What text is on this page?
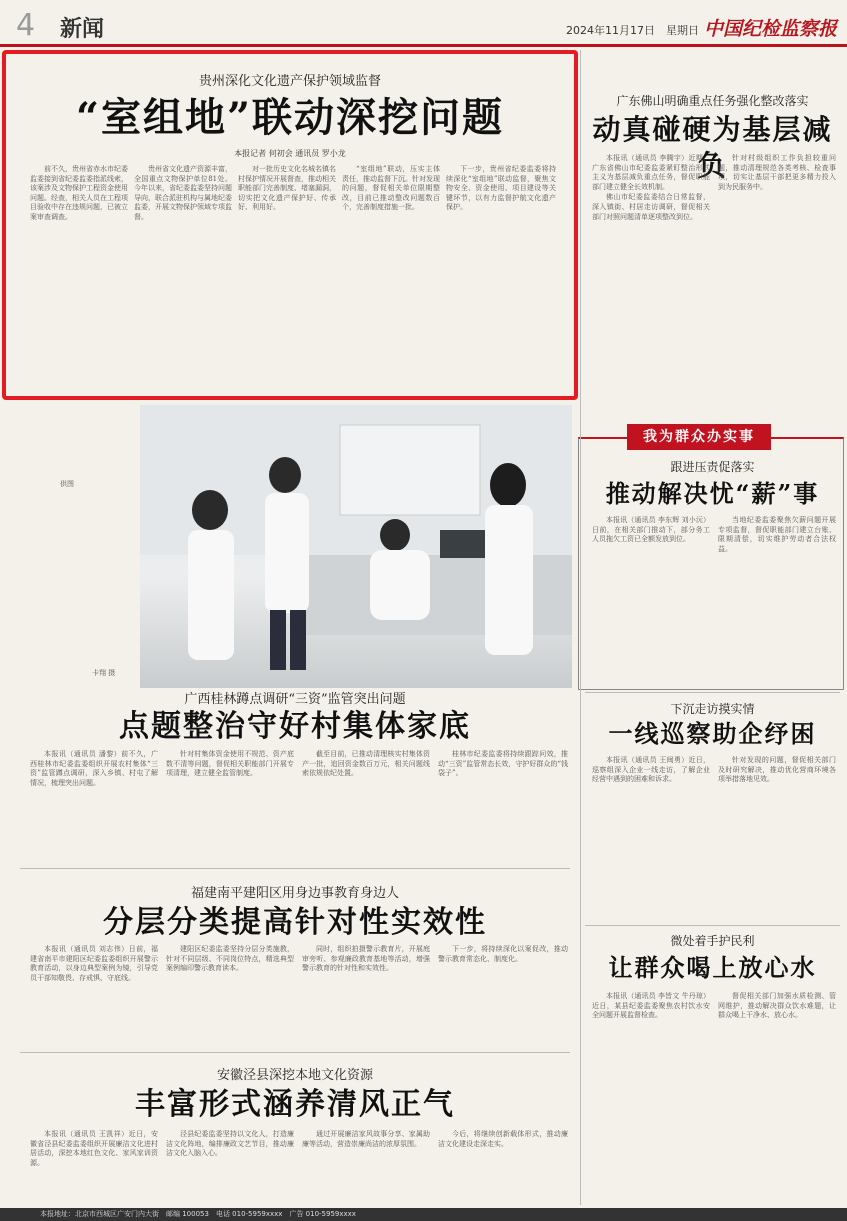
4 新闻	2024年11月17日　星期日 中国纪检监察报
贵州深化文化遗产保护领域监督
“室组地”联动深挖问题
本报记者 何初会 通讯员 罗小龙

前不久，贵州省赤水市纪委监委接到省纪委监委指派线索，该案涉及文物保护工程资金使用问题。经查，相关人员在工程项目验收中存在违规问题，已被立案审查调查。

贵州省文化遗产资源丰富，全国重点文物保护单位81处。今年以来，省纪委监委坚持问题导向，联合派驻机构与属地纪委监委，开展文物保护领域专项监督。

对一批历史文化名城名镇名村保护情况开展督查，推动相关职能部门完善制度、堵塞漏洞，切实把文化遗产保护好、传承好、利用好。

“室组地”联动，压实主体责任，推动监督下沉。针对发现的问题，督促相关单位限期整改，目前已推动整改问题数百个，完善制度措施一批。

下一步，贵州省纪委监委将持续深化“室组地”联动监督，聚焦文物安全、资金使用、项目建设等关键环节，以有力监督护航文化遗产保护。

广东佛山明确重点任务强化整改落实
动真碰硬为基层减负

本报讯（通讯员 李腾宇）近期，广东省佛山市纪委监委紧盯整治形式主义为基层减负重点任务，督促职能部门建立健全长效机制。

佛山市纪委监委结合日常监督，深入镇街、村居走访调研，督促相关部门对照问题清单逐项整改到位。

针对村级组织工作负担较重问题，推动清理规范各类考核、检查事项，切实让基层干部把更多精力投入到为民服务中。

供图
卡翔 摄
我为群众办实事
跟进压责促落实
推动解决忧“薪”事

本报讯（通讯员 李东辉 刘小沅）日前，在相关部门推动下，部分务工人员拖欠工资已全额发放到位。

当地纪委监委聚焦欠薪问题开展专项监督，督促职能部门建立台账、限期清偿，切实维护劳动者合法权益。

下沉走访摸实情
一线巡察助企纾困

本报讯（通讯员 王闽勇）近日，巡察组深入企业一线走访，了解企业经营中遇到的困难和诉求。

针对发现的问题，督促相关部门及时研究解决，推动优化营商环境各项举措落地见效。

微处着手护民利
让群众喝上放心水

本报讯（通讯员 李皆文 牛丹琼）近日，某县纪委监委聚焦农村饮水安全问题开展监督检查。

督促相关部门加强水质检测、管网维护，推动解决群众饮水难题，让群众喝上干净水、放心水。

广西桂林蹲点调研“三资”监管突出问题
点题整治守好村集体家底

本报讯（通讯员 潘黎）前不久，广西桂林市纪委监委组织开展农村集体“三资”监管蹲点调研，深入乡镇、村屯了解情况，梳理突出问题。

针对村集体资金使用不规范、资产底数不清等问题，督促相关职能部门开展专项清理，建立健全监管制度。

截至目前，已推动清理核实村集体资产一批，追回资金数百万元，相关问题线索依规依纪处置。

桂林市纪委监委将持续跟踪问效，推动“三资”监管常态长效，守护好群众的“钱袋子”。

福建南平建阳区用身边事教育身边人
分层分类提高针对性实效性

本报讯（通讯员 刘志伟）日前，福建省南平市建阳区纪委监委组织开展警示教育活动，以身边典型案例为镜，引导党员干部知敬畏、存戒惧、守底线。

建阳区纪委监委坚持分层分类施教，针对不同层级、不同岗位特点，精选典型案例编印警示教育读本。

同时，组织拍摄警示教育片，开展庭审旁听、参观廉政教育基地等活动，增强警示教育的针对性和实效性。

下一步，将持续深化以案促改，推动警示教育常态化、制度化。

安徽泾县深挖本地文化资源
丰富形式涵养清风正气

本报讯（通讯员 王凯祥）近日，安徽省泾县纪委监委组织开展廉洁文化进村居活动，深挖本地红色文化、家风家训资源。

泾县纪委监委坚持以文化人，打造廉洁文化阵地，编排廉政文艺节目，推动廉洁文化入脑入心。

通过开展廉洁家风故事分享、家属助廉等活动，营造崇廉尚洁的浓厚氛围。

今后，将继续创新载体形式，推动廉洁文化建设走深走实。

本报地址：北京市西城区广安门内大街　邮编 100053　电话 010-5959xxxx　广告 010-5959xxxx
